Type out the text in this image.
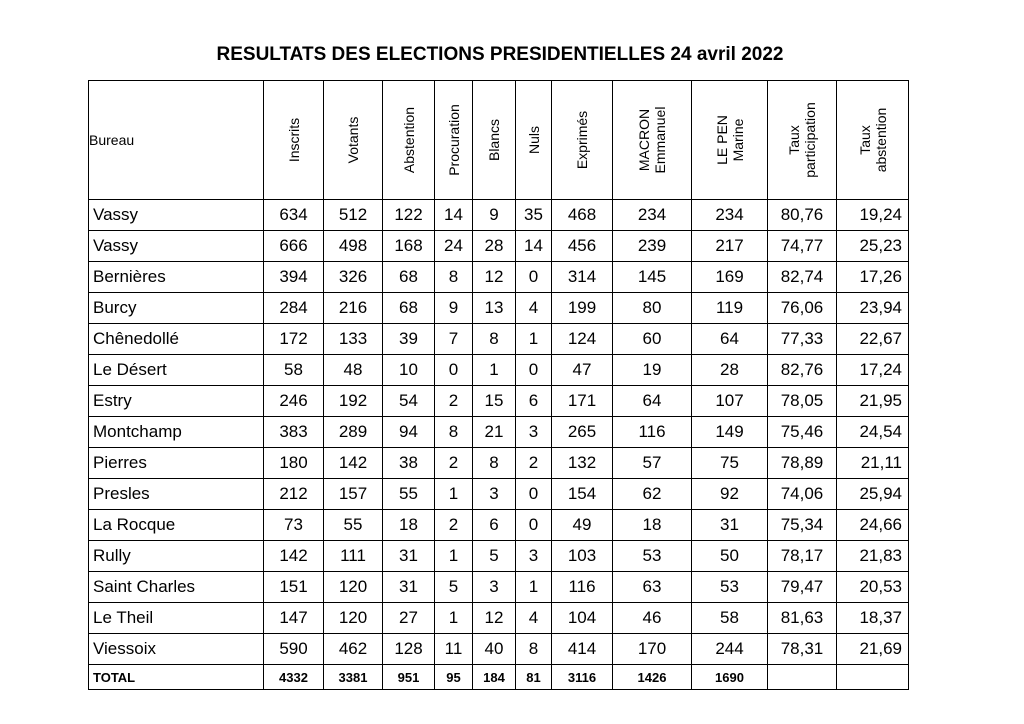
RESULTATS DES ELECTIONS PRESIDENTIELLES 24 avril 2022
Bureau	Inscrits	Votants	Abstention	Procuration	Blancs	Nuls	Exprimés	MACRON Emmanuel	LE PEN Marine	Taux participation	Taux abstention

Vassy	634	512	122	14	9	35	468	234	234	80,76	19,24
Vassy	666	498	168	24	28	14	456	239	217	74,77	25,23
Bernières	394	326	68	8	12	0	314	145	169	82,74	17,26
Burcy	284	216	68	9	13	4	199	80	119	76,06	23,94
Chênedollé	172	133	39	7	8	1	124	60	64	77,33	22,67
Le Désert	58	48	10	0	1	0	47	19	28	82,76	17,24
Estry	246	192	54	2	15	6	171	64	107	78,05	21,95
Montchamp	383	289	94	8	21	3	265	116	149	75,46	24,54
Pierres	180	142	38	2	8	2	132	57	75	78,89	21,11
Presles	212	157	55	1	3	0	154	62	92	74,06	25,94
La Rocque	73	55	18	2	6	0	49	18	31	75,34	24,66
Rully	142	111	31	1	5	3	103	53	50	78,17	21,83
Saint Charles	151	120	31	5	3	1	116	63	53	79,47	20,53
Le Theil	147	120	27	1	12	4	104	46	58	81,63	18,37
Viessoix	590	462	128	11	40	8	414	170	244	78,31	21,69
TOTAL	4332	3381	951	95	184	81	3116	1426	1690		
